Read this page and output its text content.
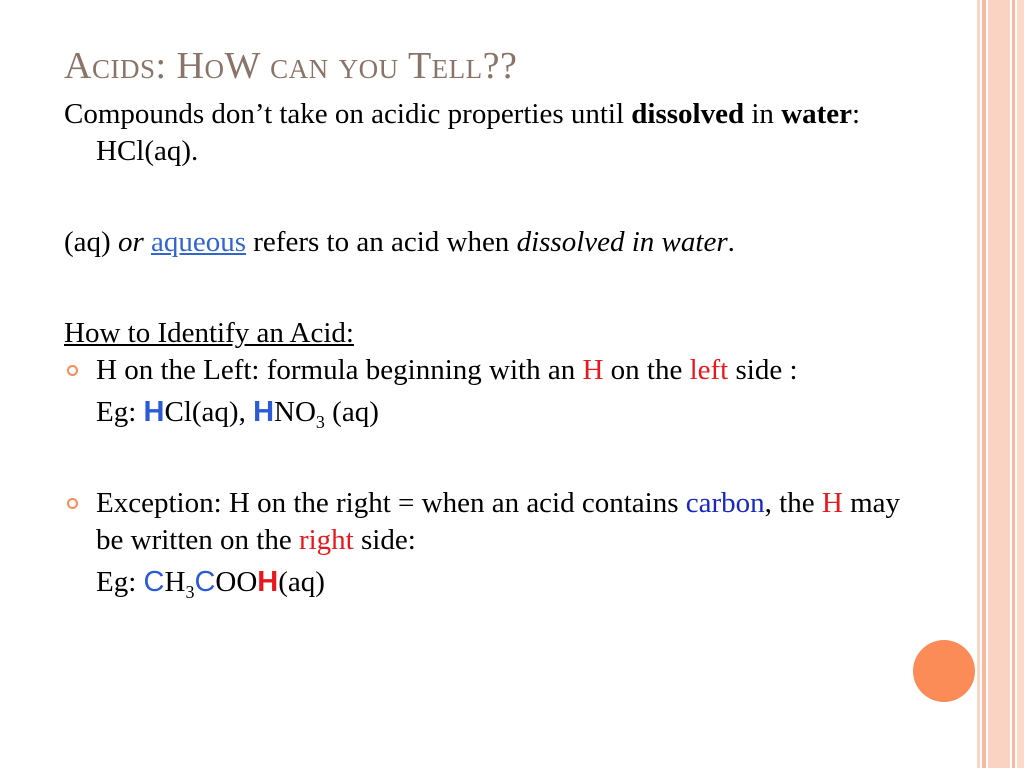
Acids: HoW can you Tell??

Compounds don’t take on acidic properties until dissolved in water: HCl(aq).

(aq) or aqueous refers to an acid when dissolved in water.

How to Identify an Acid:

H on the Left: formula beginning with an H on the left side :

Eg: HCl(aq), $HNO_3$ (aq)

Exception: H on the right = when an acid contains carbon, the H may be written on the right side:

Eg: $CH_3COOH(aq)$
